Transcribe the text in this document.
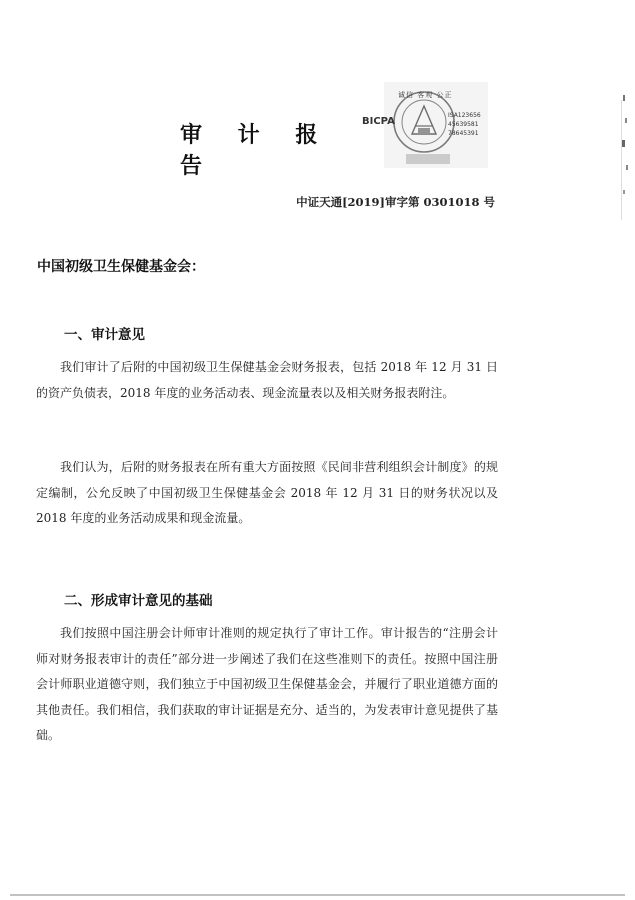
审 计 报 告
BICPA
诚信 客观 公正
ISA123656
45639581
78645391
中证天通[2019]审字第 0301018 号
中国初级卫生保健基金会：
一、审计意见

我们审计了后附的中国初级卫生保健基金会财务报表，包括 2018 年 12 月 31 日的资产负债表，2018 年度的业务活动表、现金流量表以及相关财务报表附注。

我们认为，后附的财务报表在所有重大方面按照《民间非营利组织会计制度》的规定编制，公允反映了中国初级卫生保健基金会 2018 年 12 月 31 日的财务状况以及 2018 年度的业务活动成果和现金流量。

二、形成审计意见的基础

我们按照中国注册会计师审计准则的规定执行了审计工作。审计报告的“注册会计师对财务报表审计的责任”部分进一步阐述了我们在这些准则下的责任。按照中国注册会计师职业道德守则，我们独立于中国初级卫生保健基金会，并履行了职业道德方面的其他责任。我们相信，我们获取的审计证据是充分、适当的，为发表审计意见提供了基础。
